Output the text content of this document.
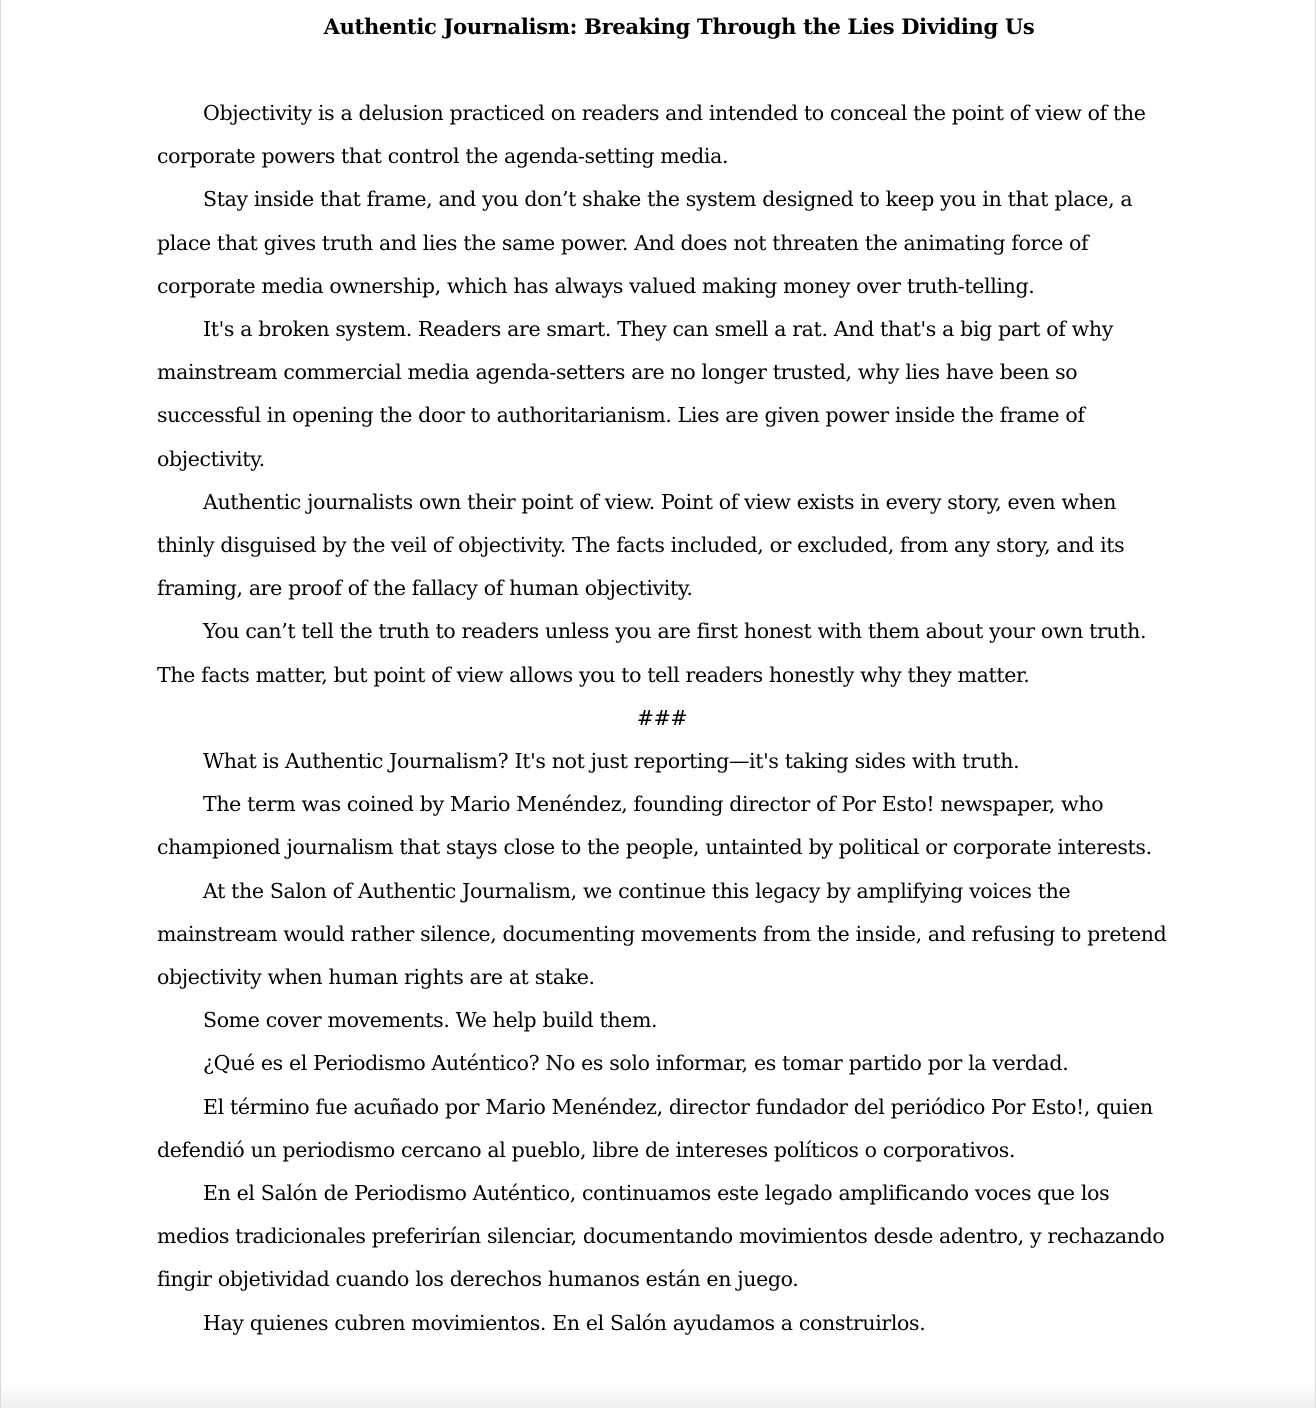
Authentic Journalism: Breaking Through the Lies Dividing Us

Objectivity is a delusion practiced on readers and intended to conceal the point of view of the corporate powers that control the agenda-setting media.

Stay inside that frame, and you don’t shake the system designed to keep you in that place, a place that gives truth and lies the same power. And does not threaten the animating force of corporate media ownership, which has always valued making money over truth-telling.

It's a broken system. Readers are smart. They can smell a rat. And that's a big part of why mainstream commercial media agenda-setters are no longer trusted, why lies have been so successful in opening the door to authoritarianism. Lies are given power inside the frame of objectivity.

Authentic journalists own their point of view. Point of view exists in every story, even when thinly disguised by the veil of objectivity. The facts included, or excluded, from any story, and its framing, are proof of the fallacy of human objectivity.

You can’t tell the truth to readers unless you are first honest with them about your own truth. The facts matter, but point of view allows you to tell readers honestly why they matter.

###

What is Authentic Journalism? It's not just reporting—it's taking sides with truth.

The term was coined by Mario Menéndez, founding director of Por Esto! newspaper, who championed journalism that stays close to the people, untainted by political or corporate interests.

At the Salon of Authentic Journalism, we continue this legacy by amplifying voices the mainstream would rather silence, documenting movements from the inside, and refusing to pretend objectivity when human rights are at stake.

Some cover movements. We help build them.

¿Qué es el Periodismo Auténtico? No es solo informar, es tomar partido por la verdad.

El término fue acuñado por Mario Menéndez, director fundador del periódico Por Esto!, quien defendió un periodismo cercano al pueblo, libre de intereses políticos o corporativos.

En el Salón de Periodismo Auténtico, continuamos este legado amplificando voces que los medios tradicionales preferirían silenciar, documentando movimientos desde adentro, y rechazando fingir objetividad cuando los derechos humanos están en juego.

Hay quienes cubren movimientos. En el Salón ayudamos a construirlos.
